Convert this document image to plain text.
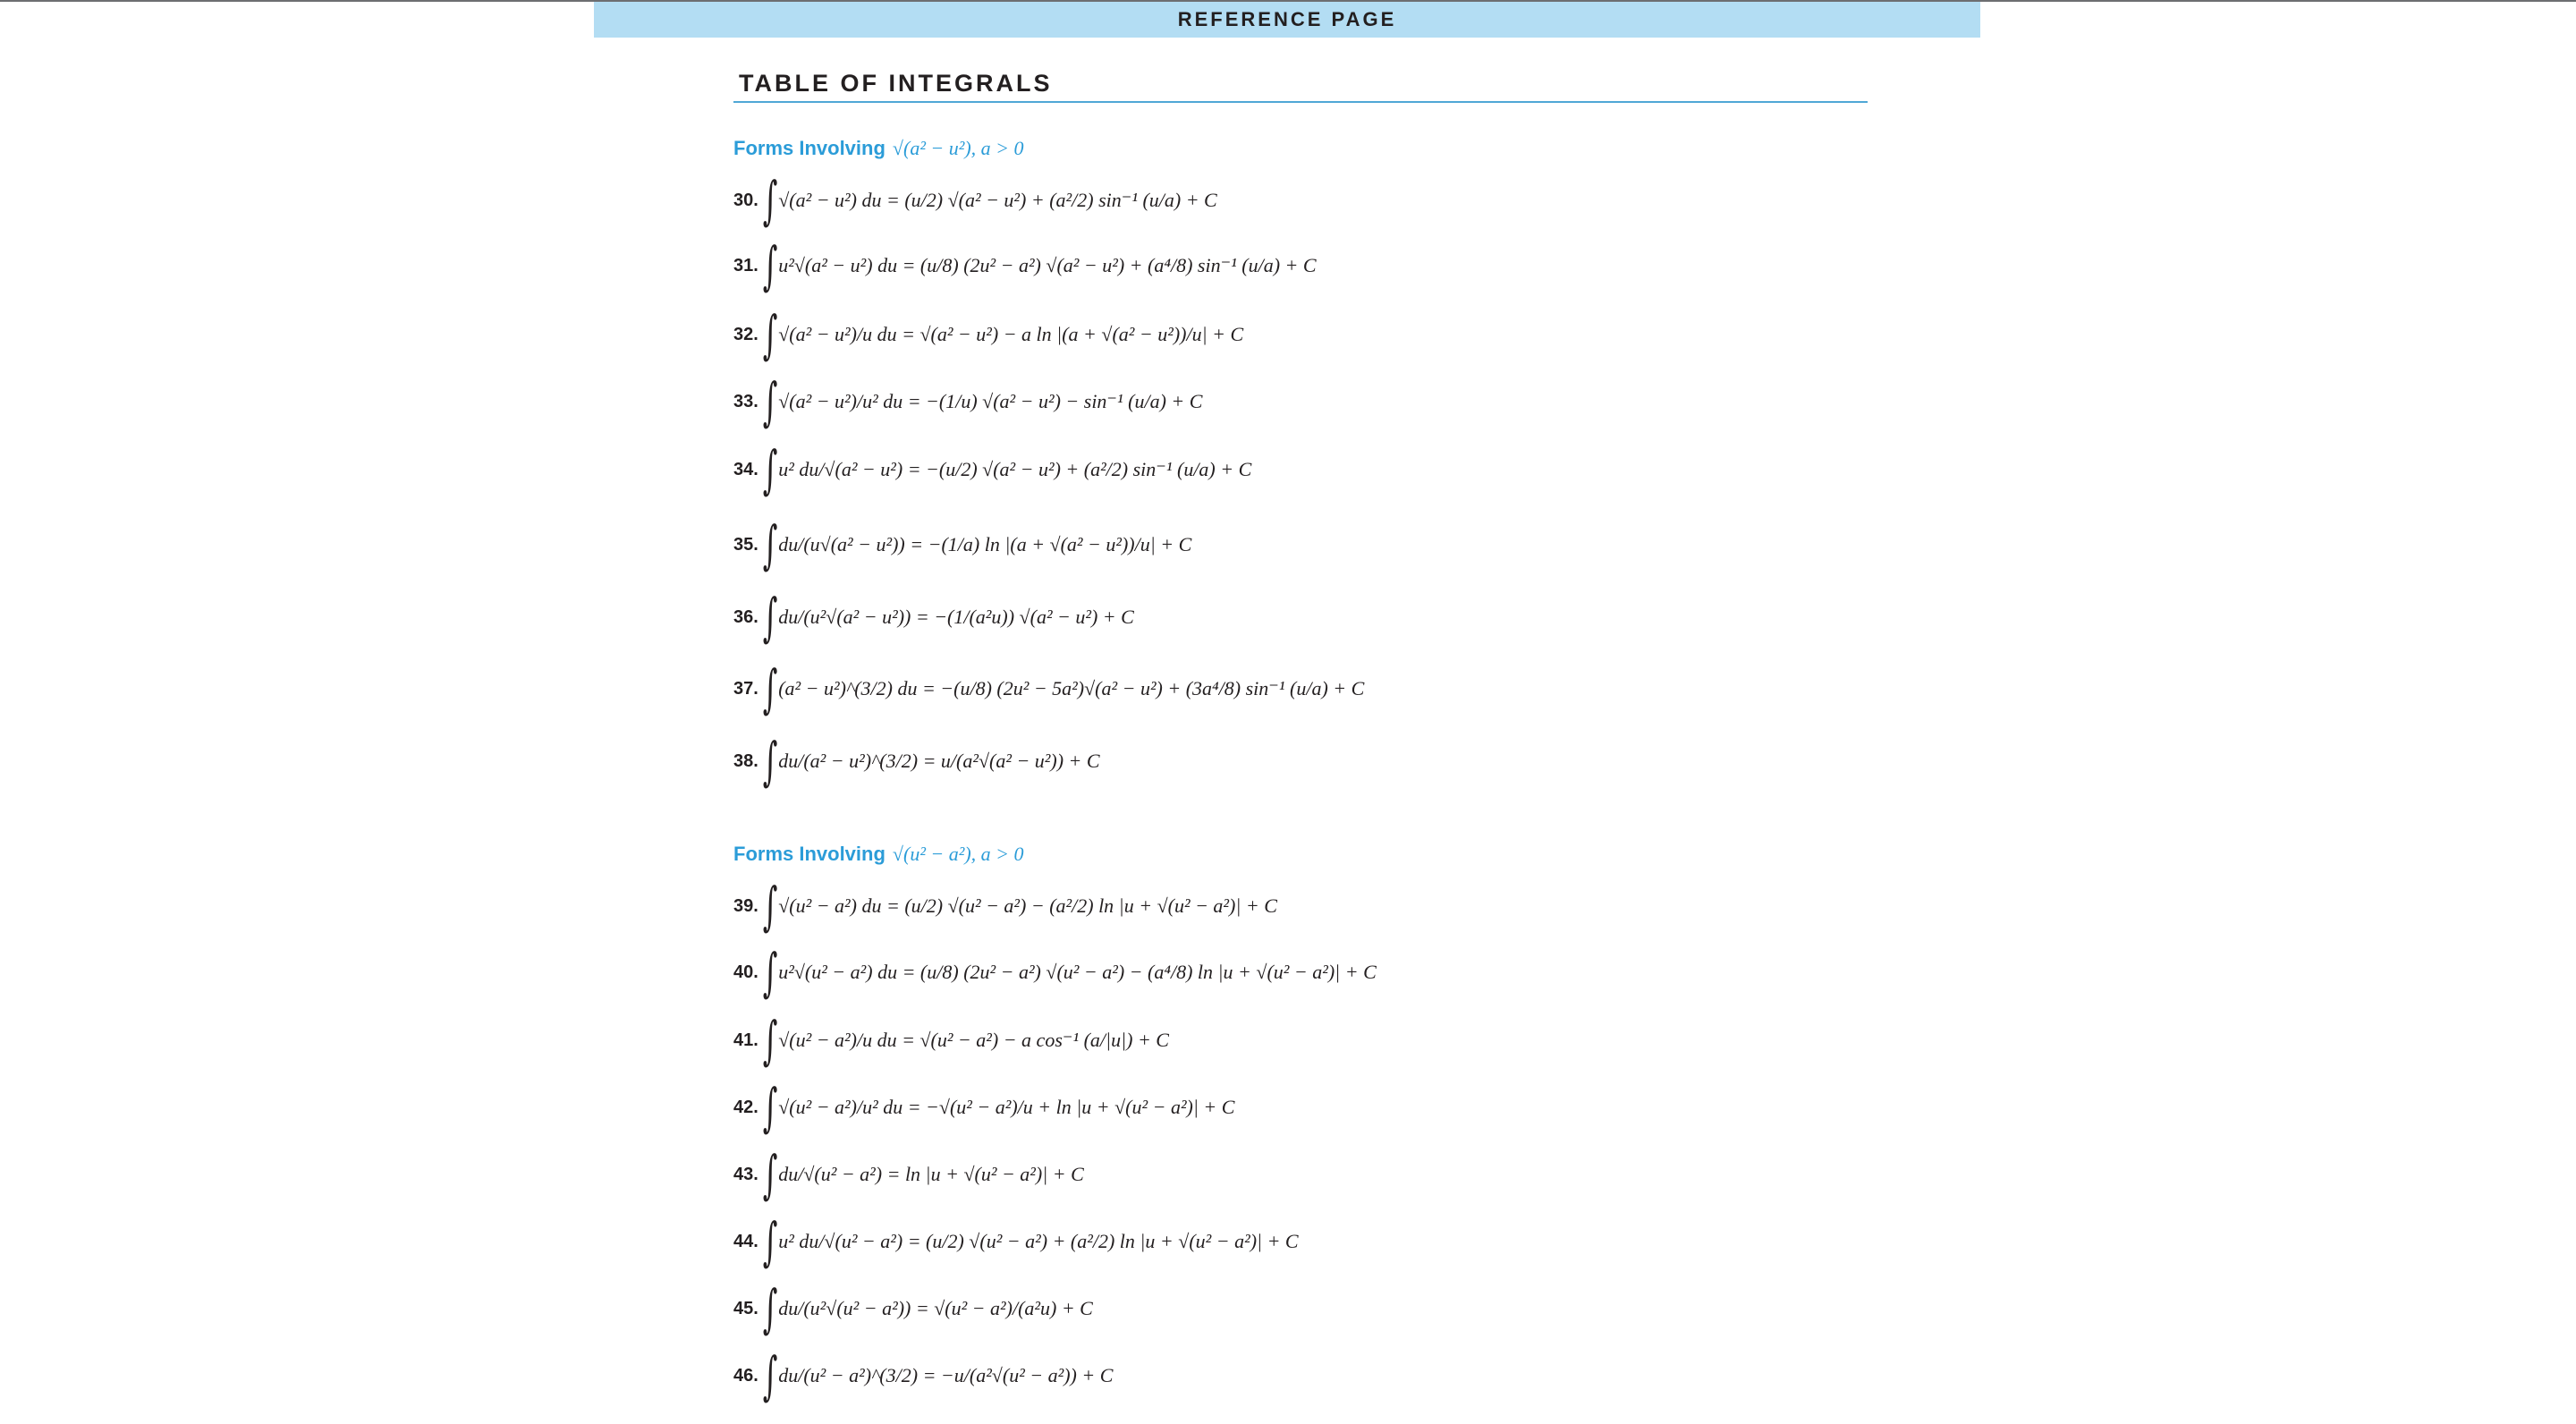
REFERENCE PAGE
TABLE OF INTEGRALS
Forms Involving √(a² − u²), a > 0
30. ∫ √(a² − u²) du = (u/2) √(a² − u²) + (a²/2) sin⁻¹ (u/a) + C
31. ∫ u²√(a² − u²) du = (u/8) (2u² − a²) √(a² − u²) + (a⁴/8) sin⁻¹ (u/a) + C
32. ∫ √(a² − u²)/u du = √(a² − u²) − a ln |(a + √(a² − u²))/u| + C
33. ∫ √(a² − u²)/u² du = −(1/u) √(a² − u²) − sin⁻¹ (u/a) + C
34. ∫ u² du/√(a² − u²) = −(u/2) √(a² − u²) + (a²/2) sin⁻¹ (u/a) + C
35. ∫ du/(u√(a² − u²)) = −(1/a) ln |(a + √(a² − u²))/u| + C
36. ∫ du/(u²√(a² − u²)) = −(1/(a²u)) √(a² − u²) + C
37. ∫ (a² − u²)^(3/2) du = −(u/8) (2u² − 5a²)√(a² − u²) + (3a⁴/8) sin⁻¹ (u/a) + C
38. ∫ du/(a² − u²)^(3/2) = u/(a²√(a² − u²)) + C
Forms Involving √(u² − a²), a > 0
39. ∫ √(u² − a²) du = (u/2) √(u² − a²) − (a²/2) ln |u + √(u² − a²)| + C
40. ∫ u²√(u² − a²) du = (u/8) (2u² − a²) √(u² − a²) − (a⁴/8) ln |u + √(u² − a²)| + C
41. ∫ √(u² − a²)/u du = √(u² − a²) − a cos⁻¹ (a/|u|) + C
42. ∫ √(u² − a²)/u² du = −√(u² − a²)/u + ln |u + √(u² − a²)| + C
43. ∫ du/√(u² − a²) = ln |u + √(u² − a²)| + C
44. ∫ u² du/√(u² − a²) = (u/2) √(u² − a²) + (a²/2) ln |u + √(u² − a²)| + C
45. ∫ du/(u²√(u² − a²)) = √(u² − a²)/(a²u) + C
46. ∫ du/(u² − a²)^(3/2) = −u/(a²√(u² − a²)) + C
